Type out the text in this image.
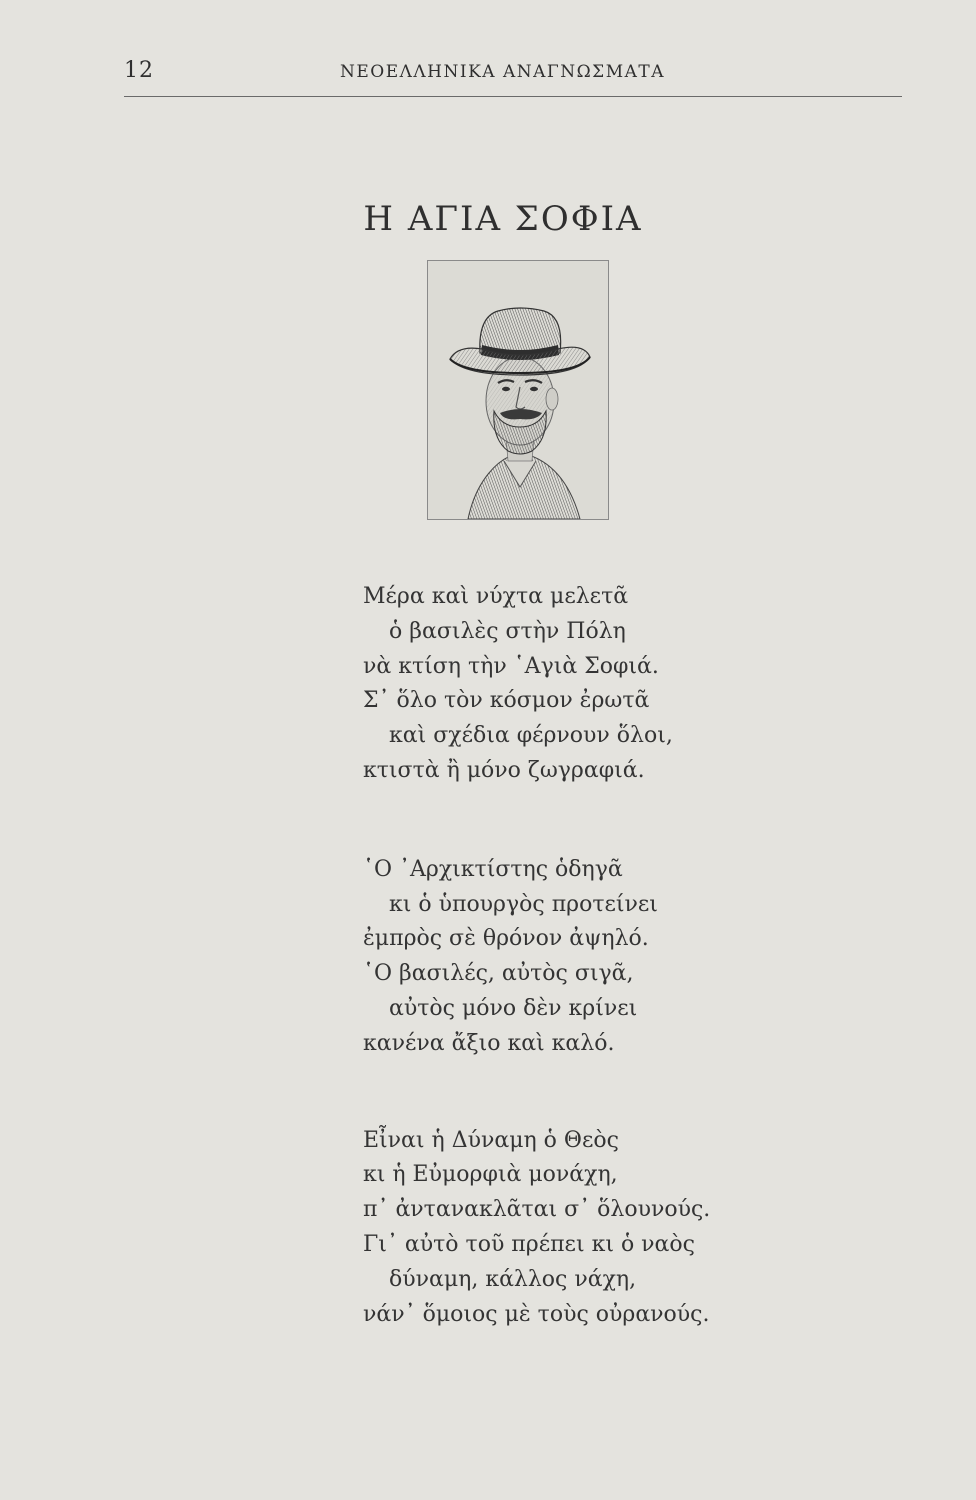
12	ΝΕΟΕΛΛΗΝΙΚΑ ΑΝΑΓΝΩΣΜΑΤΑ
Η ΑΓΙΑ ΣΟΦΙΑ
Μέρα καὶ νύχτα μελετᾶ
ὁ βασιλὲς στὴν Πόλη
νὰ κτίση τὴν ῾Αγιὰ Σοφιά.
Σ᾽ ὅλο τὸν κόσμον ἐρωτᾶ
καὶ σχέδια φέρνουν ὅλοι,
κτιστὰ ἢ μόνο ζωγραφιά.
῾Ο ᾽Αρχικτίστης ὁδηγᾶ
κι ὁ ὑπουργὸς προτείνει
ἐμπρὸς σὲ θρόνον ἀψηλό.
῾Ο βασιλές, αὐτὸς σιγᾶ,
αὐτὸς μόνο δὲν κρίνει
κανένα ἄξιο καὶ καλό.
Εἶναι ἡ Δύναμη ὁ Θεὸς
κι ἡ Εὐμορφιὰ μονάχη,
π᾽ ἀντανακλᾶται σ᾽ ὅλουνούς.
Γι᾽ αὐτὸ τοῦ πρέπει κι ὁ ναὸς
δύναμη, κάλλος νάχη,
νάν᾽ ὅμοιος μὲ τοὺς οὐρανούς.
